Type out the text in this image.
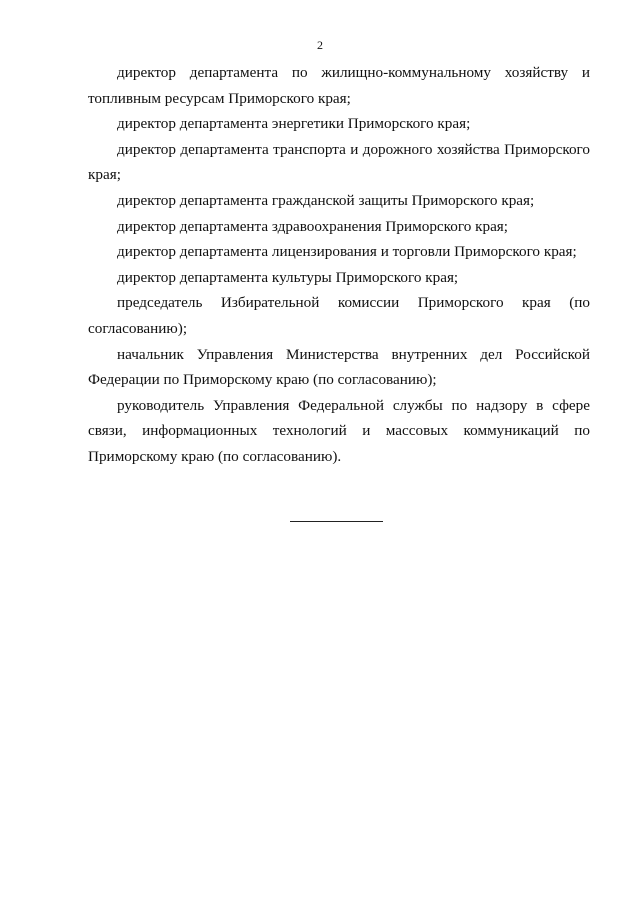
2

директор департамента по жилищно-коммунальному хозяйству и топливным ресурсам Приморского края;

директор департамента энергетики Приморского края;

директор департамента транспорта и дорожного хозяйства Приморского края;

директор департамента гражданской защиты Приморского края;

директор департамента здравоохранения Приморского края;

директор департамента лицензирования и торговли Приморского края;

директор департамента культуры Приморского края;

председатель Избирательной комиссии Приморского края (по согласованию);

начальник Управления Министерства внутренних дел Российской Федерации по Приморскому краю (по согласованию);

руководитель Управления Федеральной службы по надзору в сфере связи, информационных технологий и массовых коммуникаций по Приморскому краю (по согласованию).
